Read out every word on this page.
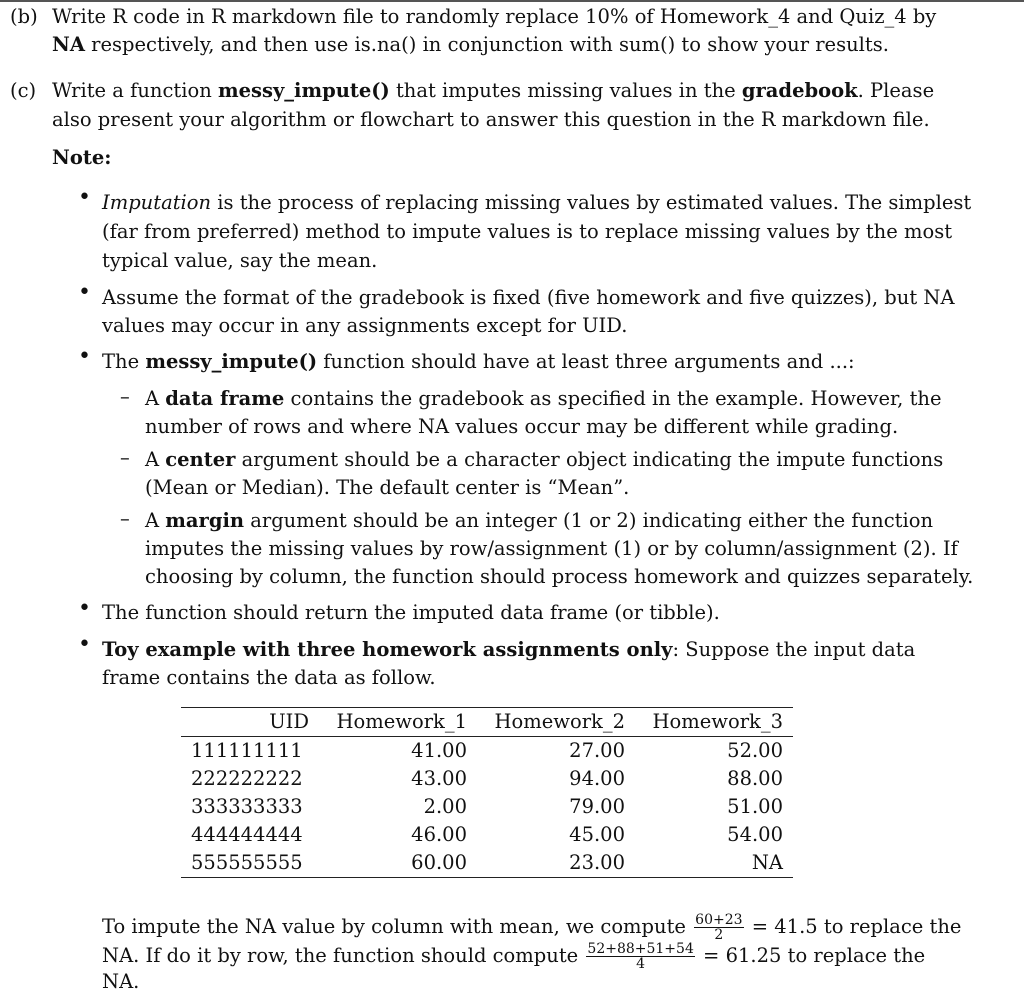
(b) Write R code in R markdown file to randomly replace 10% of Homework_4 and Quiz_4 by
NA respectively, and then use is.na() in conjunction with sum() to show your results.
(c) Write a function messy_impute() that imputes missing values in the gradebook. Please
also present your algorithm or flowchart to answer this question in the R markdown file.
Note:
• Imputation is the process of replacing missing values by estimated values. The simplest
(far from preferred) method to impute values is to replace missing values by the most
typical value, say the mean.
• Assume the format of the gradebook is fixed (five homework and five quizzes), but NA
values may occur in any assignments except for UID.
• The messy_impute() function should have at least three arguments and ...:
– A data frame contains the gradebook as specified in the example. However, the
number of rows and where NA values occur may be different while grading.
– A center argument should be a character object indicating the impute functions
(Mean or Median). The default center is “Mean”.
– A margin argument should be an integer (1 or 2) indicating either the function
imputes the missing values by row/assignment (1) or by column/assignment (2). If
choosing by column, the function should process homework and quizzes separately.
• The function should return the imputed data frame (or tibble).
• Toy example with three homework assignments only: Suppose the input data
frame contains the data as follow.
UID	Homework_1	Homework_2	Homework_3
111111111	41.00	27.00	52.00
222222222	43.00	94.00	88.00
333333333	2.00	79.00	51.00
444444444	46.00	45.00	54.00
555555555	60.00	23.00	NA
To impute the NA value by column with mean, we compute $\frac{60+23}{2} = 41.5$ to replace the
NA. If do it by row, the function should compute $\frac{52+88+51+54}{4} = 61.25$ to replace the
NA.
